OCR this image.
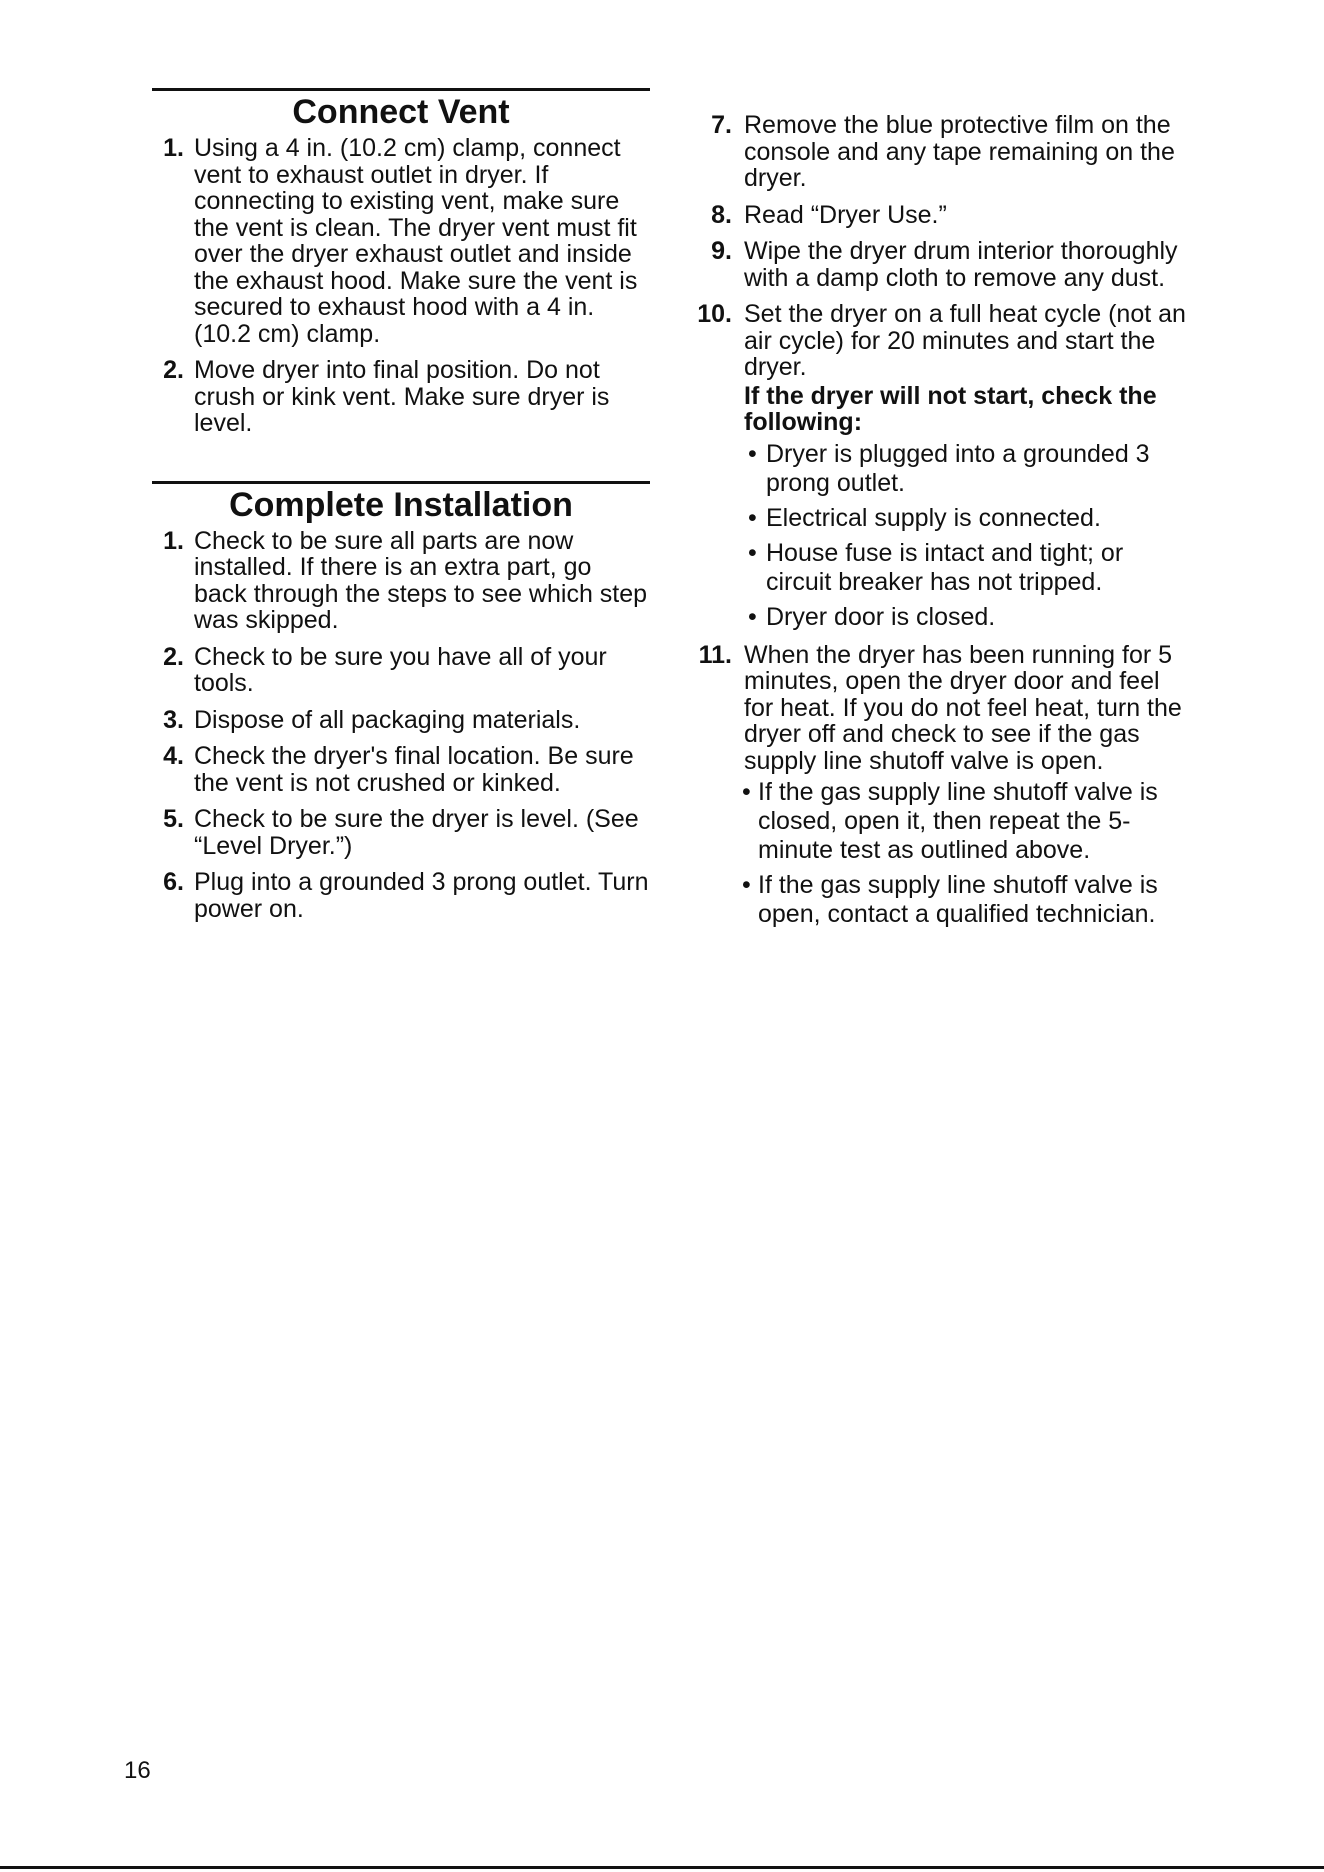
Connect Vent
1. Using a 4 in. (10.2 cm) clamp, connect vent to exhaust outlet in dryer. If connecting to existing vent, make sure the vent is clean. The dryer vent must fit over the dryer exhaust outlet and inside the exhaust hood. Make sure the vent is secured to exhaust hood with a 4 in. (10.2 cm) clamp.
2. Move dryer into final position. Do not crush or kink vent. Make sure dryer is level.
Complete Installation
1. Check to be sure all parts are now installed. If there is an extra part, go back through the steps to see which step was skipped.
2. Check to be sure you have all of your tools.
3. Dispose of all packaging materials.
4. Check the dryer's final location. Be sure the vent is not crushed or kinked.
5. Check to be sure the dryer is level. (See “Level Dryer.”)
6. Plug into a grounded 3 prong outlet. Turn power on.
7. Remove the blue protective film on the console and any tape remaining on the dryer.
8. Read “Dryer Use.”
9. Wipe the dryer drum interior thoroughly with a damp cloth to remove any dust.
10. Set the dryer on a full heat cycle (not an air cycle) for 20 minutes and start the dryer.
If the dryer will not start, check the following:
• Dryer is plugged into a grounded 3 prong outlet.
• Electrical supply is connected.
• House fuse is intact and tight; or circuit breaker has not tripped.
• Dryer door is closed.
11. When the dryer has been running for 5 minutes, open the dryer door and feel for heat. If you do not feel heat, turn the dryer off and check to see if the gas supply line shutoff valve is open.
• If the gas supply line shutoff valve is closed, open it, then repeat the 5-minute test as outlined above.
• If the gas supply line shutoff valve is open, contact a qualified technician.
16
